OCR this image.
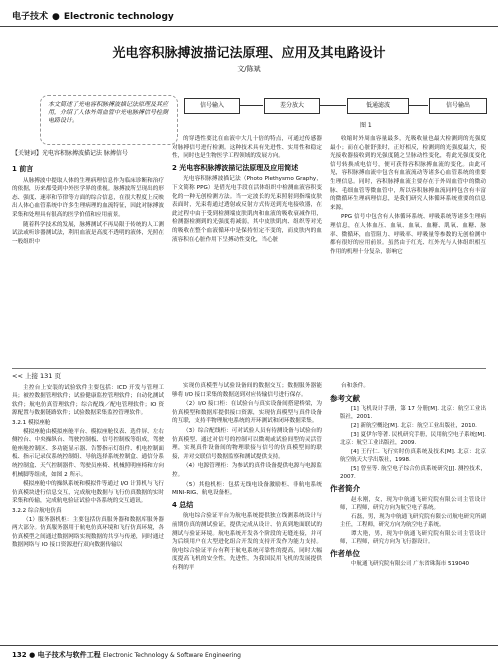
电子技术 ● Electronic technology
光电容积脉搏波描记法原理、应用及其电路设计
文/陈斌

本文简述了光电容积脉搏波描记法原理及其应用，介绍了人体外周血管中光电脉搏信号检测电路设计。

【关键词】光电容积脉搏波描记法 脉搏信号
信号输入	差分放大	低通滤波	信号输出
图 1
1 前言

从脉搏波中提取人体的生理病理信息作为临床诊断和治疗的依据，历来都受到中外医学界的重视。脉搏波所呈现出的形态、强度、速率和节律等方面的综合信息，在很大程度上反映出人体心血管系统中许多生理病理的血流特征，因此对脉搏波采集和处理具有很高的医学价值和应用前景。

随着科学技术的发展，脉搏测试不再局限于传统的人工测试法或听诊器测试法，利用血液是高度不透明的液体，光照在一般组织中

的穿透性要比在血液中大几十倍的特点，可通过传感器对脉搏信号进行检测。这种技术具有先进性、实用性和稳定性，同时也是生物医学工程领域的发展方向。

2 光电容积脉搏波描记法原理及应用简述

光电容积脉搏波描记法（Photo Plethysmo Graphy，下文简称 PPG）是借光电手段在活体组织中检测血液容积变化的一种无创检测方法。当一定波长的光束照射到指端皮肤表面时，光束将通过透射或反射方式传送到光电接收器，在此过程中由于受到检测端皮肤肌肉和血液的吸收衰减作用，检测器检测到的光强度将减弱，其中皮肤肌肉、组织等对光的吸收在整个血液循环中是保持恒定不变的，而皮肤内的血液容积在心脏作用下呈搏动性变化，当心脏

收缩时外周血容量最多，光吸收量也最大检测到的光强度最小；而在心脏舒张时，正好相反，检测到的光强度最大，使光接收器接收到的光强度随之呈脉动性变化，将此光强度变化信号转换成电信号，便可获得容积脉搏血流的变化。由此可见，容积脉搏血流中包含有血液流动等诸多心血管系统的重要生理信息。同时，容积脉搏血流主要存在于外周血管中的微动脉、毛细血管等微血管中，所以容积脉搏血流同样包含有丰富的微循环生理病理信息，是我们研究人体循环系统重要的信息来源。

PPG 信号中包含有人体循环系统、呼吸系统等诸多生理病理信息，在人体血压、血氧、血氧、血糖、肌氧、血糖、脉率、微循环，血管阻力、呼吸率、呼吸量等参数的无创检测中都有很好的应用前景。虽然由于红光、红外光与人体组织相互作用的机理十分复杂，影响它

<< 上接 131 页

主控台上安装的试验软件主要包括：ICD 开发与管理工具；被控数据管理软件；试验健康监控管理软件；自动化测试软件；航电仿真管理软件；综合配线／配电管理软件；IO 资源配置与数据链路软件；试验数据采集监控管理软件。

3.2.1 模拟座舱

模拟座舱由模拟座舱平台、模拟座舱仪表、选件屏、左右侧控台、中央操纵台、驾驶控制板、信号控制板等组成，驾驶舱座舱控制区、多功能显示器、告警指示灯组件、机电控制面板、指示记录仪系统控制组、导航选择系统控制盒、通信分系统控制盒、天气控制器件、驾驶员座椅、机械照明座椅和方向机械脚等组成，如图 2 所示。

模拟座舱中的操纵系统和模拟件等通过 I/O 计算机与飞行仿真模块进行信息交互，完成航电数据与飞行仿真数据的实时采集和传输，完成航电验证试验中各系统的交互通讯。

3.2.2 综合航电仿真

（1）服务器机柜：主要包括仿真服务器和数据库服务器两大部分。仿真服务器用于航电仿真环境和飞行仿真环境，各仿真模型之间通过数据网络实现数据的共享与传递，同时通过数据网络与 IO 接口资源进行双向数据传输以

实现仿真模型与试验设备间的数据交互；数据服务器能够将 I/O 接口采集的数据送到对应传输信号进行保存。

（2）I/O 接口柜：在试验台与真实设备间搭建桥梁，为仿真模型和数据库提供接口资源，实现仿真模型与真件设备的互联，支持半物理航电系统的开环测试和闭环数据采集。

（3）综合配线柜：可对试验人员有待测设备与试验台的仿真模型、通过对信号的控制可以微观或试验间型的灵活管理，实现真件设备间的物理联接与信号的仿真模型间的联接，并对交联信号数据监察和测试提供支持。

（4）电源管理柜：为参试的真件设备提供电源与电源监控。

（5）其他机柜：包括无线电设备激励柜、非航电系统 MINI-RIG、航电设备柜。

4 总结

航电综合验证平台为航电系统提供独立线测系统设计与前期仿真的测试验证，提供完成从设计、仿真到地面联试的测试与验证环境。航电系统开发各个阶段的无缝连接，并可为后续用户在大型进化组合开发的支持开发作为能力支持。航电综合验证平台有利于航电系统可靠性的提高，同时大幅度提高飞机的安全性，先进性，为我国民用飞机的发展提供有利的平

台和条件。

参考文献

[1] 飞机设计手册，第 17 分册[M]. 北京：航空工业出版社，2001.

[2] 新航空概论[M]. 北京：航空工业出版社，2010.

[3] 夏伊尔等著. 民机研究手册，民用航空电子系统[M]. 北京：航空工业出版社，2009.

[4] 王行仁. 飞行实时仿真系统及技术[M]. 北京：北京航空航天大学出版社，1998.

[5] 曾至等. 航空电子综合仿真系统研究[J]. 测控技术，2007.

作者简介

赵永刚，女，现为中航通飞研究院有限公司主管设计师，工程师，研究方向为航空电子系统。

石磊，男，现为中航通飞研究院有限公司航电研究所副主任，工程师，研究方向为航空电子系统。

谭大艳，男，现为中航通飞研究院有限公司主管设计师，工程师，研究方向为飞行器设计。

作者单位

中航通飞研究院有限公司 广东省珠海市 519040

132 ● 电子技术与软件工程 Electronic Technology & Software Engineering
